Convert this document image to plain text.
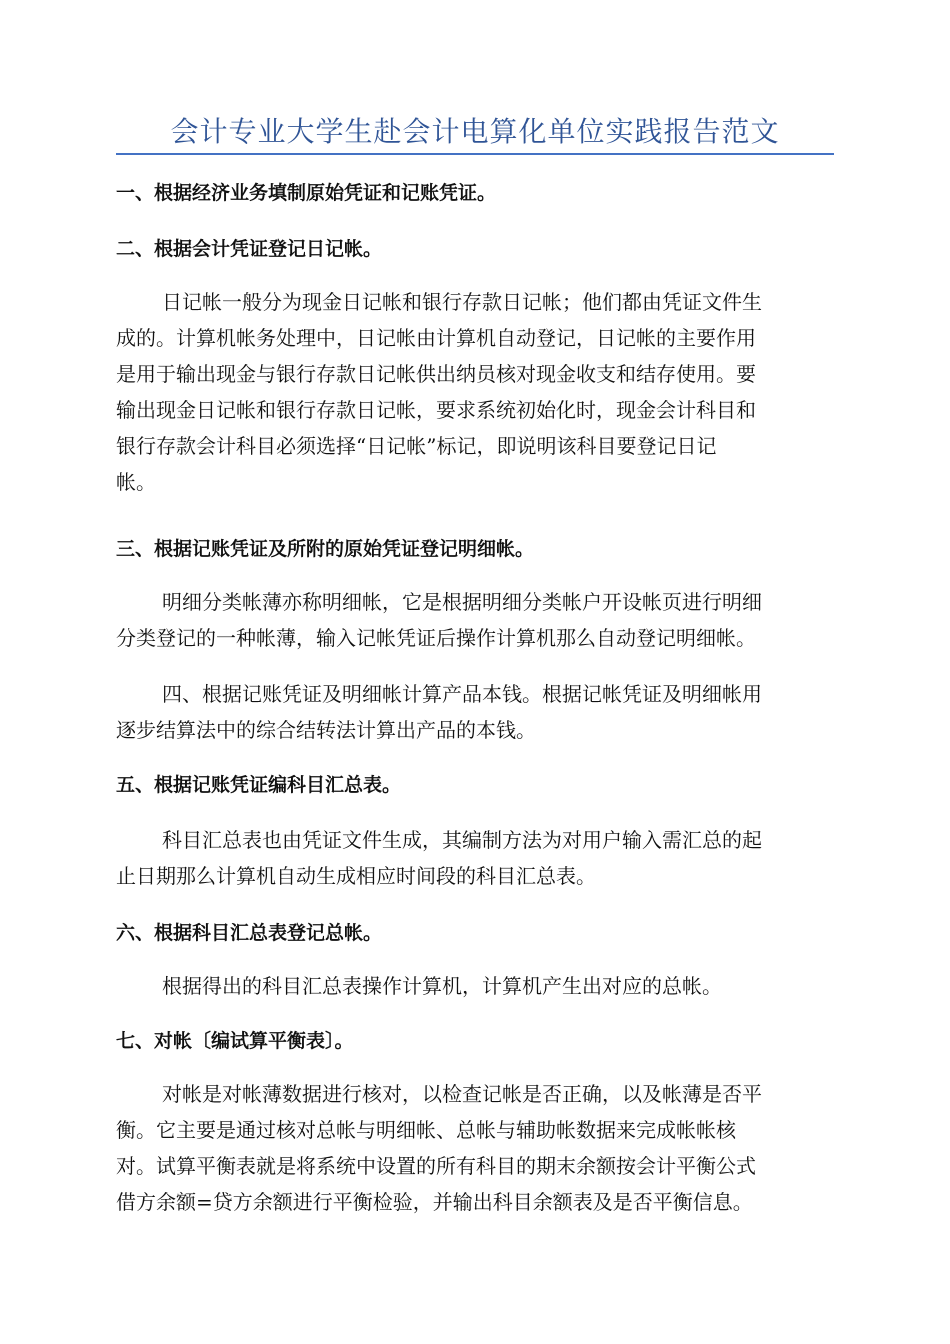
会计专业大学生赴会计电算化单位实践报告范文
一、根据经济业务填制原始凭证和记账凭证。
二、根据会计凭证登记日记帐。
日记帐一般分为现金日记帐和银行存款日记帐；他们都由凭证文件生
成的。计算机帐务处理中，日记帐由计算机自动登记，日记帐的主要作用
是用于输出现金与银行存款日记帐供出纳员核对现金收支和结存使用。要
输出现金日记帐和银行存款日记帐，要求系统初始化时，现金会计科目和
银行存款会计科目必须选择“日记帐”标记，即说明该科目要登记日记
帐。
三、根据记账凭证及所附的原始凭证登记明细帐。
明细分类帐薄亦称明细帐，它是根据明细分类帐户开设帐页进行明细
分类登记的一种帐薄，输入记帐凭证后操作计算机那么自动登记明细帐。
四、根据记账凭证及明细帐计算产品本钱。根据记帐凭证及明细帐用
逐步结算法中的综合结转法计算出产品的本钱。
五、根据记账凭证编科目汇总表。
科目汇总表也由凭证文件生成，其编制方法为对用户输入需汇总的起
止日期那么计算机自动生成相应时间段的科目汇总表。
六、根据科目汇总表登记总帐。
根据得出的科目汇总表操作计算机，计算机产生出对应的总帐。
七、对帐〔编试算平衡表〕。
对帐是对帐薄数据进行核对，以检查记帐是否正确，以及帐薄是否平
衡。它主要是通过核对总帐与明细帐、总帐与辅助帐数据来完成帐帐核
对。试算平衡表就是将系统中设置的所有科目的期末余额按会计平衡公式
借方余额=贷方余额进行平衡检验，并输出科目余额表及是否平衡信息。
